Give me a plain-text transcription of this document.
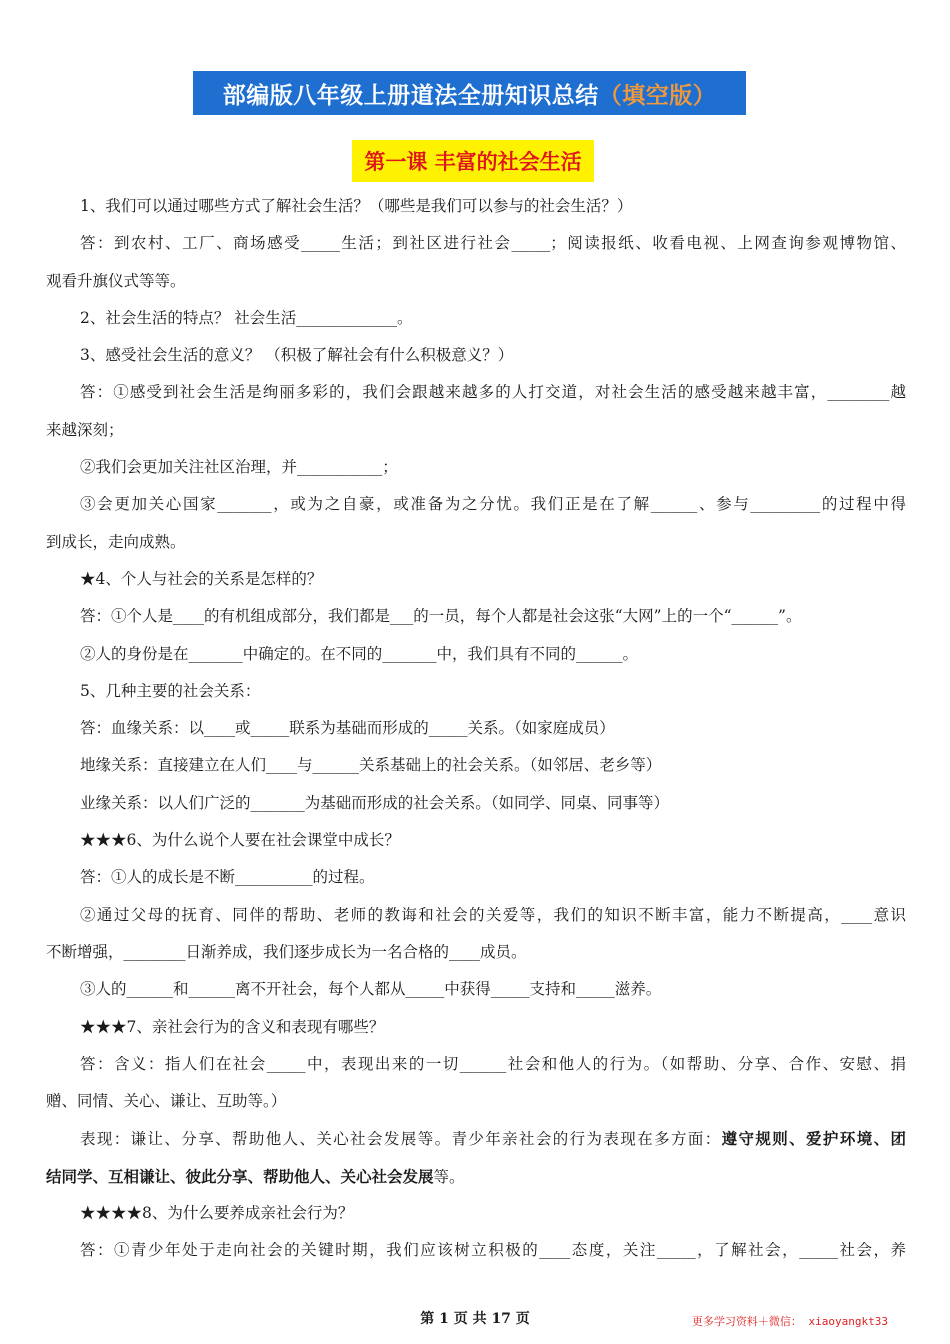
部编版八年级上册道法全册知识总结 （填空版）
第一课 丰富的社会生活
1、我们可以通过哪些方式了解社会生活？（哪些是我们可以参与的社会生活？）
答：到农村、工厂、商场感受_____生活；到社区进行社会_____；阅读报纸、收看电视、上网查询参观博物馆、
观看升旗仪式等等。
2、社会生活的特点？ 社会生活_____________。
3、感受社会生活的意义？ （积极了解社会有什么积极意义？）
答：①感受到社会生活是绚丽多彩的，我们会跟越来越多的人打交道，对社会生活的感受越来越丰富，________越
来越深刻；
②我们会更加关注社区治理，并___________；
③会更加关心国家_______，或为之自豪，或准备为之分忧。我们正是在了解______、参与_________的过程中得
到成长，走向成熟。
★4、个人与社会的关系是怎样的？
答：①个人是____的有机组成部分，我们都是___的一员，每个人都是社会这张“大网”上的一个“______”。
②人的身份是在_______中确定的。在不同的_______中，我们具有不同的______。
5、几种主要的社会关系：
答：血缘关系：以____或_____联系为基础而形成的_____关系。（如家庭成员）
地缘关系：直接建立在人们____与______关系基础上的社会关系。（如邻居、老乡等）
业缘关系：以人们广泛的_______为基础而形成的社会关系。（如同学、同桌、同事等）
★★★6、为什么说个人要在社会课堂中成长？
答：①人的成长是不断__________的过程。
②通过父母的抚育、同伴的帮助、老师的教诲和社会的关爱等，我们的知识不断丰富，能力不断提高，____意识
不断增强，________日渐养成，我们逐步成长为一名合格的____成员。
③人的______和______离不开社会，每个人都从_____中获得_____支持和_____滋养。
★★★7、亲社会行为的含义和表现有哪些？
答：含义：指人们在社会_____中，表现出来的一切______社会和他人的行为。（如帮助、分享、合作、安慰、捐
赠、同情、关心、谦让、互助等。）
表现：谦让、分享、帮助他人、关心社会发展等。青少年亲社会的行为表现在多方面：遵守规则、爱护环境、团
结同学、互相谦让、彼此分享、帮助他人、关心社会发展等。
★★★★8、为什么要养成亲社会行为？
答：①青少年处于走向社会的关键时期，我们应该树立积极的____态度，关注_____，了解社会，_____社会，养
第 1 页 共 17 页	更多学习资料＋微信： xiaoyangkt33
